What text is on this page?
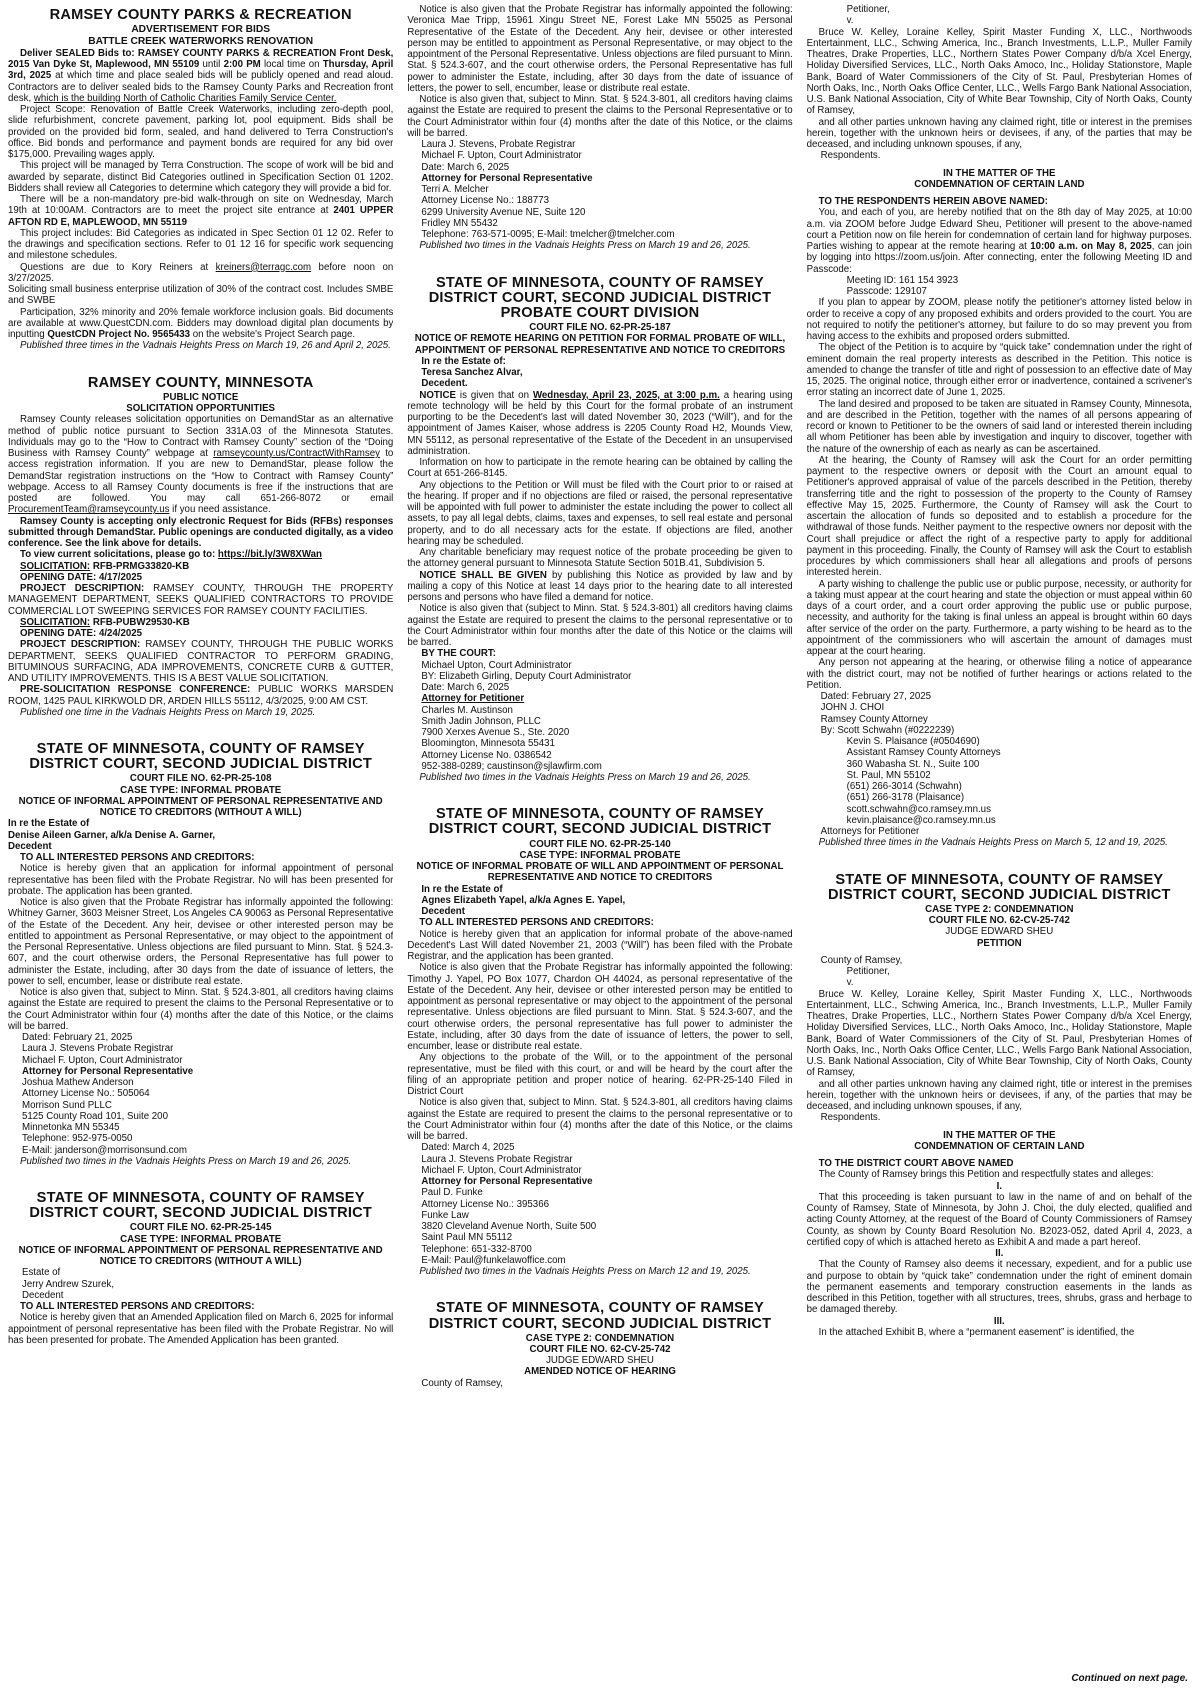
RAMSEY COUNTY PARKS & RECREATION
ADVERTISEMENT FOR BIDS
BATTLE CREEK WATERWORKS RENOVATION

Deliver SEALED Bids to: RAMSEY COUNTY PARKS & RECREATION Front Desk, 2015 Van Dyke St, Maplewood, MN 55109 until 2:00 PM local time on Thursday, April 3rd, 2025 at which time and place sealed bids will be publicly opened and read aloud. Contractors are to deliver sealed bids to the Ramsey County Parks and Recreation front desk, which is the building North of Catholic Charities Family Service Center.

Project Scope: Renovation of Battle Creek Waterworks, including zero-depth pool, slide refurbishment, concrete pavement, parking lot, pool equipment. Bids shall be provided on the provided bid form, sealed, and hand delivered to Terra Construction's office. Bid bonds and performance and payment bonds are required for any bid over $175,000. Prevailing wages apply.

This project will be managed by Terra Construction. The scope of work will be bid and awarded by separate, distinct Bid Categories outlined in Specification Section 01 1202. Bidders shall review all Categories to determine which category they will provide a bid for.

There will be a non-mandatory pre-bid walk-through on site on Wednesday, March 19th at 10:00AM. Contractors are to meet the project site entrance at 2401 UPPER AFTON RD E, MAPLEWOOD, MN 55119

This project includes: Bid Categories as indicated in Spec Section 01 12 02. Refer to the drawings and specification sections. Refer to 01 12 16 for specific work sequencing and milestone schedules.

Questions are due to Kory Reiners at kreiners@terragc.com before noon on 3/27/2025.

Soliciting small business enterprise utilization of 30% of the contract cost. Includes SMBE and SWBE

Participation, 32% minority and 20% female workforce inclusion goals. Bid documents are available at www.QuestCDN.com. Bidders may download digital plan documents by inputting QuestCDN Project No. 9565433 on the website's Project Search page.

Published three times in the Vadnais Heights Press on March 19, 26 and April 2, 2025.

RAMSEY COUNTY, MINNESOTA
PUBLIC NOTICE
SOLICITATION OPPORTUNITIES

Ramsey County releases solicitation opportunities on DemandStar as an alternative method of public notice pursuant to Section 331A.03 of the Minnesota Statutes. Individuals may go to the “How to Contract with Ramsey County” section of the “Doing Business with Ramsey County” webpage at ramseycounty.us/ContractWithRamsey to access registration information. If you are new to DemandStar, please follow the DemandStar registration instructions on the “How to Contract with Ramsey County” webpage. Access to all Ramsey County documents is free if the instructions that are posted are followed. You may call 651-266-8072 or email ProcurementTeam@ramseycounty.us if you need assistance.

Ramsey County is accepting only electronic Request for Bids (RFBs) responses submitted through DemandStar. Public openings are conducted digitally, as a video conference. See the link above for details.

To view current solicitations, please go to: https://bit.ly/3W8XWan

SOLICITATION: RFB-PRMG33820-KB

OPENING DATE: 4/17/2025

PROJECT DESCRIPTION: RAMSEY COUNTY, THROUGH THE PROPERTY MANAGEMENT DEPARTMENT, SEEKS QUALIFIED CONTRACTORS TO PROVIDE COMMERCIAL LOT SWEEPING SERVICES FOR RAMSEY COUNTY FACILITIES.

SOLICITATION: RFB-PUBW29530-KB

OPENING DATE: 4/24/2025

PROJECT DESCRIPTION: RAMSEY COUNTY, THROUGH THE PUBLIC WORKS DEPARTMENT, SEEKS QUALIFIED CONTRACTOR TO PERFORM GRADING, BITUMINOUS SURFACING, ADA IMPROVEMENTS, CONCRETE CURB & GUTTER, AND UTILITY IMPROVEMENTS. THIS IS A BEST VALUE SOLICITATION.

PRE-SOLICITATION RESPONSE CONFERENCE: PUBLIC WORKS MARSDEN ROOM, 1425 PAUL KIRKWOLD DR, ARDEN HILLS 55112, 4/3/2025, 9:00 AM CST.

Published one time in the Vadnais Heights Press on March 19, 2025.

STATE OF MINNESOTA, COUNTY OF RAMSEY
DISTRICT COURT, SECOND JUDICIAL DISTRICT
COURT FILE NO. 62-PR-25-108
CASE TYPE: INFORMAL PROBATE
NOTICE OF INFORMAL APPOINTMENT OF PERSONAL REPRESENTATIVE AND NOTICE TO CREDITORS (WITHOUT A WILL)

In re the Estate of

Denise Aileen Garner, a/k/a Denise A. Garner,

Decedent

TO ALL INTERESTED PERSONS AND CREDITORS:

Notice is hereby given that an application for informal appointment of personal representative has been filed with the Probate Registrar. No will has been presented for probate. The application has been granted.

Notice is also given that the Probate Registrar has informally appointed the following: Whitney Garner, 3603 Meisner Street, Los Angeles CA 90063 as Personal Representative of the Estate of the Decedent. Any heir, devisee or other interested person may be entitled to appointment as Personal Representative, or may object to the appointment of the Personal Representative. Unless objections are filed pursuant to Minn. Stat. § 524.3-607, and the court otherwise orders, the Personal Representative has full power to administer the Estate, including, after 30 days from the date of issuance of letters, the power to sell, encumber, lease or distribute real estate.

Notice is also given that, subject to Minn. Stat. § 524.3-801, all creditors having claims against the Estate are required to present the claims to the Personal Representative or to the Court Administrator within four (4) months after the date of this Notice, or the claims will be barred.

Dated: February 21, 2025

Laura J. Stevens Probate Registrar

Michael F. Upton, Court Administrator

Attorney for Personal Representative

Joshua Mathew Anderson

Attorney License No.: 505064

Morrison Sund PLLC

5125 County Road 101, Suite 200

Minnetonka MN 55345

Telephone: 952-975-0050

E-Mail: janderson@morrisonsund.com

Published two times in the Vadnais Heights Press on March 19 and 26, 2025.

STATE OF MINNESOTA, COUNTY OF RAMSEY
DISTRICT COURT, SECOND JUDICIAL DISTRICT
COURT FILE NO. 62-PR-25-145
CASE TYPE: INFORMAL PROBATE
NOTICE OF INFORMAL APPOINTMENT OF PERSONAL REPRESENTATIVE AND NOTICE TO CREDITORS (WITHOUT A WILL)

Estate of

Jerry Andrew Szurek,

Decedent

TO ALL INTERESTED PERSONS AND CREDITORS:

Notice is hereby given that an Amended Application filed on March 6, 2025 for informal appointment of personal representative has been filed with the Probate Registrar. No will has been presented for probate. The Amended Application has been granted.

Notice is also given that the Probate Registrar has informally appointed the following: Veronica Mae Tripp, 15961 Xingu Street NE, Forest Lake MN 55025 as Personal Representative of the Estate of the Decedent. Any heir, devisee or other interested person may be entitled to appointment as Personal Representative, or may object to the appointment of the Personal Representative. Unless objections are filed pursuant to Minn. Stat. § 524.3-607, and the court otherwise orders, the Personal Representative has full power to administer the Estate, including, after 30 days from the date of issuance of letters, the power to sell, encumber, lease or distribute real estate.

Notice is also given that, subject to Minn. Stat. § 524.3-801, all creditors having claims against the Estate are required to present the claims to the Personal Representative or to the Court Administrator within four (4) months after the date of this Notice, or the claims will be barred.

Laura J. Stevens, Probate Registrar

Michael F. Upton, Court Administrator

Date: March 6, 2025

Attorney for Personal Representative

Terri A. Melcher

Attorney License No.: 188773

6299 University Avenue NE, Suite 120

Fridley MN 55432

Telephone: 763-571-0095; E-Mail: tmelcher@tmelcher.com

Published two times in the Vadnais Heights Press on March 19 and 26, 2025.

STATE OF MINNESOTA, COUNTY OF RAMSEY
DISTRICT COURT, SECOND JUDICIAL DISTRICT
PROBATE COURT DIVISION
COURT FILE NO. 62-PR-25-187
NOTICE OF REMOTE HEARING ON PETITION FOR FORMAL PROBATE OF WILL, APPOINTMENT OF PERSONAL REPRESENTATIVE AND NOTICE TO CREDITORS

In re the Estate of:

Teresa Sanchez Alvar,

Decedent.

NOTICE is given that on Wednesday, April 23, 2025, at 3:00 p.m. a hearing using remote technology will be held by this Court for the formal probate of an instrument purporting to be the Decedent's last will dated November 30, 2023 (“Will”), and for the appointment of James Kaiser, whose address is 2205 County Road H2, Mounds View, MN 55112, as personal representative of the Estate of the Decedent in an unsupervised administration.

Information on how to participate in the remote hearing can be obtained by calling the Court at 651-266-8145.

Any objections to the Petition or Will must be filed with the Court prior to or raised at the hearing. If proper and if no objections are filed or raised, the personal representative will be appointed with full power to administer the estate including the power to collect all assets, to pay all legal debts, claims, taxes and expenses, to sell real estate and personal property, and to do all necessary acts for the estate. If objections are filed, another hearing may be scheduled.

Any charitable beneficiary may request notice of the probate proceeding be given to the attorney general pursuant to Minnesota Statute Section 501B.41, Subdivision 5.

NOTICE SHALL BE GIVEN by publishing this Notice as provided by law and by mailing a copy of this Notice at least 14 days prior to the hearing date to all interested persons and persons who have filed a demand for notice.

Notice is also given that (subject to Minn. Stat. § 524.3-801) all creditors having claims against the Estate are required to present the claims to the personal representative or to the Court Administrator within four months after the date of this Notice or the claims will be barred.

BY THE COURT:

Michael Upton, Court Administrator

BY: Elizabeth Girling, Deputy Court Administrator

Date: March 6, 2025

Attorney for Petitioner

Charles M. Austinson

Smith Jadin Johnson, PLLC

7900 Xerxes Avenue S., Ste. 2020

Bloomington, Minnesota 55431

Attorney License No. 0386542

952-388-0289; caustinson@sjlawfirm.com

Published two times in the Vadnais Heights Press on March 19 and 26, 2025.

STATE OF MINNESOTA, COUNTY OF RAMSEY
DISTRICT COURT, SECOND JUDICIAL DISTRICT
COURT FILE NO. 62-PR-25-140
CASE TYPE: INFORMAL PROBATE
NOTICE OF INFORMAL PROBATE OF WILL AND APPOINTMENT OF PERSONAL REPRESENTATIVE AND NOTICE TO CREDITORS

In re the Estate of

Agnes Elizabeth Yapel, a/k/a Agnes E. Yapel,

Decedent

TO ALL INTERESTED PERSONS AND CREDITORS:

Notice is hereby given that an application for informal probate of the above-named Decedent's Last Will dated November 21, 2003 (“Will”) has been filed with the Probate Registrar, and the application has been granted.

Notice is also given that the Probate Registrar has informally appointed the following: Timothy J. Yapel, PO Box 1077, Chardon OH 44024, as personal representative of the Estate of the Decedent. Any heir, devisee or other interested person may be entitled to appointment as personal representative or may object to the appointment of the personal representative. Unless objections are filed pursuant to Minn. Stat. § 524.3-607, and the court otherwise orders, the personal representative has full power to administer the Estate, including, after 30 days from the date of issuance of letters, the power to sell, encumber, lease or distribute real estate.

Any objections to the probate of the Will, or to the appointment of the personal representative, must be filed with this court, or and will be heard by the court after the filing of an appropriate petition and proper notice of hearing. 62-PR-25-140 Filed in District Court

Notice is also given that, subject to Minn. Stat. § 524.3-801, all creditors having claims against the Estate are required to present the claims to the personal representative or to the Court Administrator within four (4) months after the date of this Notice, or the claims will be barred.

Dated: March 4, 2025

Laura J. Stevens Probate Registrar

Michael F. Upton, Court Administrator

Attorney for Personal Representative

Paul D. Funke

Attorney License No.: 395366

Funke Law

3820 Cleveland Avenue North, Suite 500

Saint Paul MN 55112

Telephone: 651-332-8700

E-Mail: Paul@funkelawoffice.com

Published two times in the Vadnais Heights Press on March 12 and 19, 2025.

STATE OF MINNESOTA, COUNTY OF RAMSEY
DISTRICT COURT, SECOND JUDICIAL DISTRICT
CASE TYPE 2: CONDEMNATION
COURT FILE NO. 62-CV-25-742
JUDGE EDWARD SHEU
AMENDED NOTICE OF HEARING

County of Ramsey,

Petitioner,

v.

Bruce W. Kelley, Loraine Kelley, Spirit Master Funding X, LLC., Northwoods Entertainment, LLC., Schwing America, Inc., Branch Investments, L.L.P., Muller Family Theatres, Drake Properties, LLC., Northern States Power Company d/b/a Xcel Energy, Holiday Diversified Services, LLC., North Oaks Amoco, Inc., Holiday Stationstore, Maple Bank, Board of Water Commissioners of the City of St. Paul, Presbyterian Homes of North Oaks, Inc., North Oaks Office Center, LLC., Wells Fargo Bank National Association, U.S. Bank National Association, City of White Bear Township, City of North Oaks, County of Ramsey,

and all other parties unknown having any claimed right, title or interest in the premises herein, together with the unknown heirs or devisees, if any, of the parties that may be deceased, and including unknown spouses, if any,

Respondents.

IN THE MATTER OF THE
CONDEMNATION OF CERTAIN LAND

TO THE RESPONDENTS HEREIN ABOVE NAMED:

You, and each of you, are hereby notified that on the 8th day of May 2025, at 10:00 a.m. via ZOOM before Judge Edward Sheu, Petitioner will present to the above-named court a Petition now on file herein for condemnation of certain land for highway purposes. Parties wishing to appear at the remote hearing at 10:00 a.m. on May 8, 2025, can join by logging into https://zoom.us/join. After connecting, enter the following Meeting ID and Passcode:

Meeting ID: 161 154 3923

Passcode: 129107

If you plan to appear by ZOOM, please notify the petitioner's attorney listed below in order to receive a copy of any proposed exhibits and orders provided to the court. You are not required to notify the petitioner's attorney, but failure to do so may prevent you from having access to the exhibits and proposed orders submitted.

The object of the Petition is to acquire by “quick take” condemnation under the right of eminent domain the real property interests as described in the Petition. This notice is amended to change the transfer of title and right of possession to an effective date of May 15, 2025. The original notice, through either error or inadvertence, contained a scrivener's error stating an incorrect date of June 1, 2025.

The land desired and proposed to be taken are situated in Ramsey County, Minnesota, and are described in the Petition, together with the names of all persons appearing of record or known to Petitioner to be the owners of said land or interested therein including all whom Petitioner has been able by investigation and inquiry to discover, together with the nature of the ownership of each as nearly as can be ascertained.

At the hearing, the County of Ramsey will ask the Court for an order permitting payment to the respective owners or deposit with the Court an amount equal to Petitioner's approved appraisal of value of the parcels described in the Petition, thereby transferring title and the right to possession of the property to the County of Ramsey effective May 15, 2025. Furthermore, the County of Ramsey will ask the Court to ascertain the allocation of funds so deposited and to establish a procedure for the withdrawal of those funds. Neither payment to the respective owners nor deposit with the Court shall prejudice or affect the right of a respective party to apply for additional payment in this proceeding. Finally, the County of Ramsey will ask the Court to establish procedures by which commissioners shall hear all allegations and proofs of persons interested herein.

A party wishing to challenge the public use or public purpose, necessity, or authority for a taking must appear at the court hearing and state the objection or must appeal within 60 days of a court order, and a court order approving the public use or public purpose, necessity, and authority for the taking is final unless an appeal is brought within 60 days after service of the order on the party. Furthermore, a party wishing to be heard as to the appointment of the commissioners who will ascertain the amount of damages must appear at the court hearing.

Any person not appearing at the hearing, or otherwise filing a notice of appearance with the district court, may not be notified of further hearings or actions related to the Petition.

Dated: February 27, 2025

JOHN J. CHOI

Ramsey County Attorney

By: Scott Schwahn (#0222239)

Kevin S. Plaisance (#0504690)

Assistant Ramsey County Attorneys

360 Wabasha St. N., Suite 100

St. Paul, MN 55102

(651) 266-3014 (Schwahn)

(651) 266-3178 (Plaisance)

scott.schwahn@co.ramsey.mn.us

kevin.plaisance@co.ramsey.mn.us

Attorneys for Petitioner

Published three times in the Vadnais Heights Press on March 5, 12 and 19, 2025.

STATE OF MINNESOTA, COUNTY OF RAMSEY
DISTRICT COURT, SECOND JUDICIAL DISTRICT
CASE TYPE 2: CONDEMNATION
COURT FILE NO. 62-CV-25-742
JUDGE EDWARD SHEU
PETITION

County of Ramsey,

Petitioner,

v.

Bruce W. Kelley, Loraine Kelley, Spirit Master Funding X, LLC., Northwoods Entertainment, LLC., Schwing America, Inc., Branch Investments, L.L.P., Muller Family Theatres, Drake Properties, LLC., Northern States Power Company d/b/a Xcel Energy, Holiday Diversified Services, LLC., North Oaks Amoco, Inc., Holiday Stationstore, Maple Bank, Board of Water Commissioners of the City of St. Paul, Presbyterian Homes of North Oaks, Inc., North Oaks Office Center, LLC., Wells Fargo Bank National Association, U.S. Bank National Association, City of White Bear Township, City of North Oaks, County of Ramsey,

and all other parties unknown having any claimed right, title or interest in the premises herein, together with the unknown heirs or devisees, if any, of the parties that may be deceased, and including unknown spouses, if any,

Respondents.

IN THE MATTER OF THE
CONDEMNATION OF CERTAIN LAND

TO THE DISTRICT COURT ABOVE NAMED

The County of Ramsey brings this Petition and respectfully states and alleges:

I.

That this proceeding is taken pursuant to law in the name of and on behalf of the County of Ramsey, State of Minnesota, by John J. Choi, the duly elected, qualified and acting County Attorney, at the request of the Board of County Commissioners of Ramsey County, as shown by County Board Resolution No. B2023-052, dated April 4, 2023, a certified copy of which is attached hereto as Exhibit A and made a part hereof.

II.

That the County of Ramsey also deems it necessary, expedient, and for a public use and purpose to obtain by “quick take” condemnation under the right of eminent domain the permanent easements and temporary construction easements in the lands as described in this Petition, together with all structures, trees, shrubs, grass and herbage to be damaged thereby.

III.

In the attached Exhibit B, where a “permanent easement” is identified, the

Continued on next page.
